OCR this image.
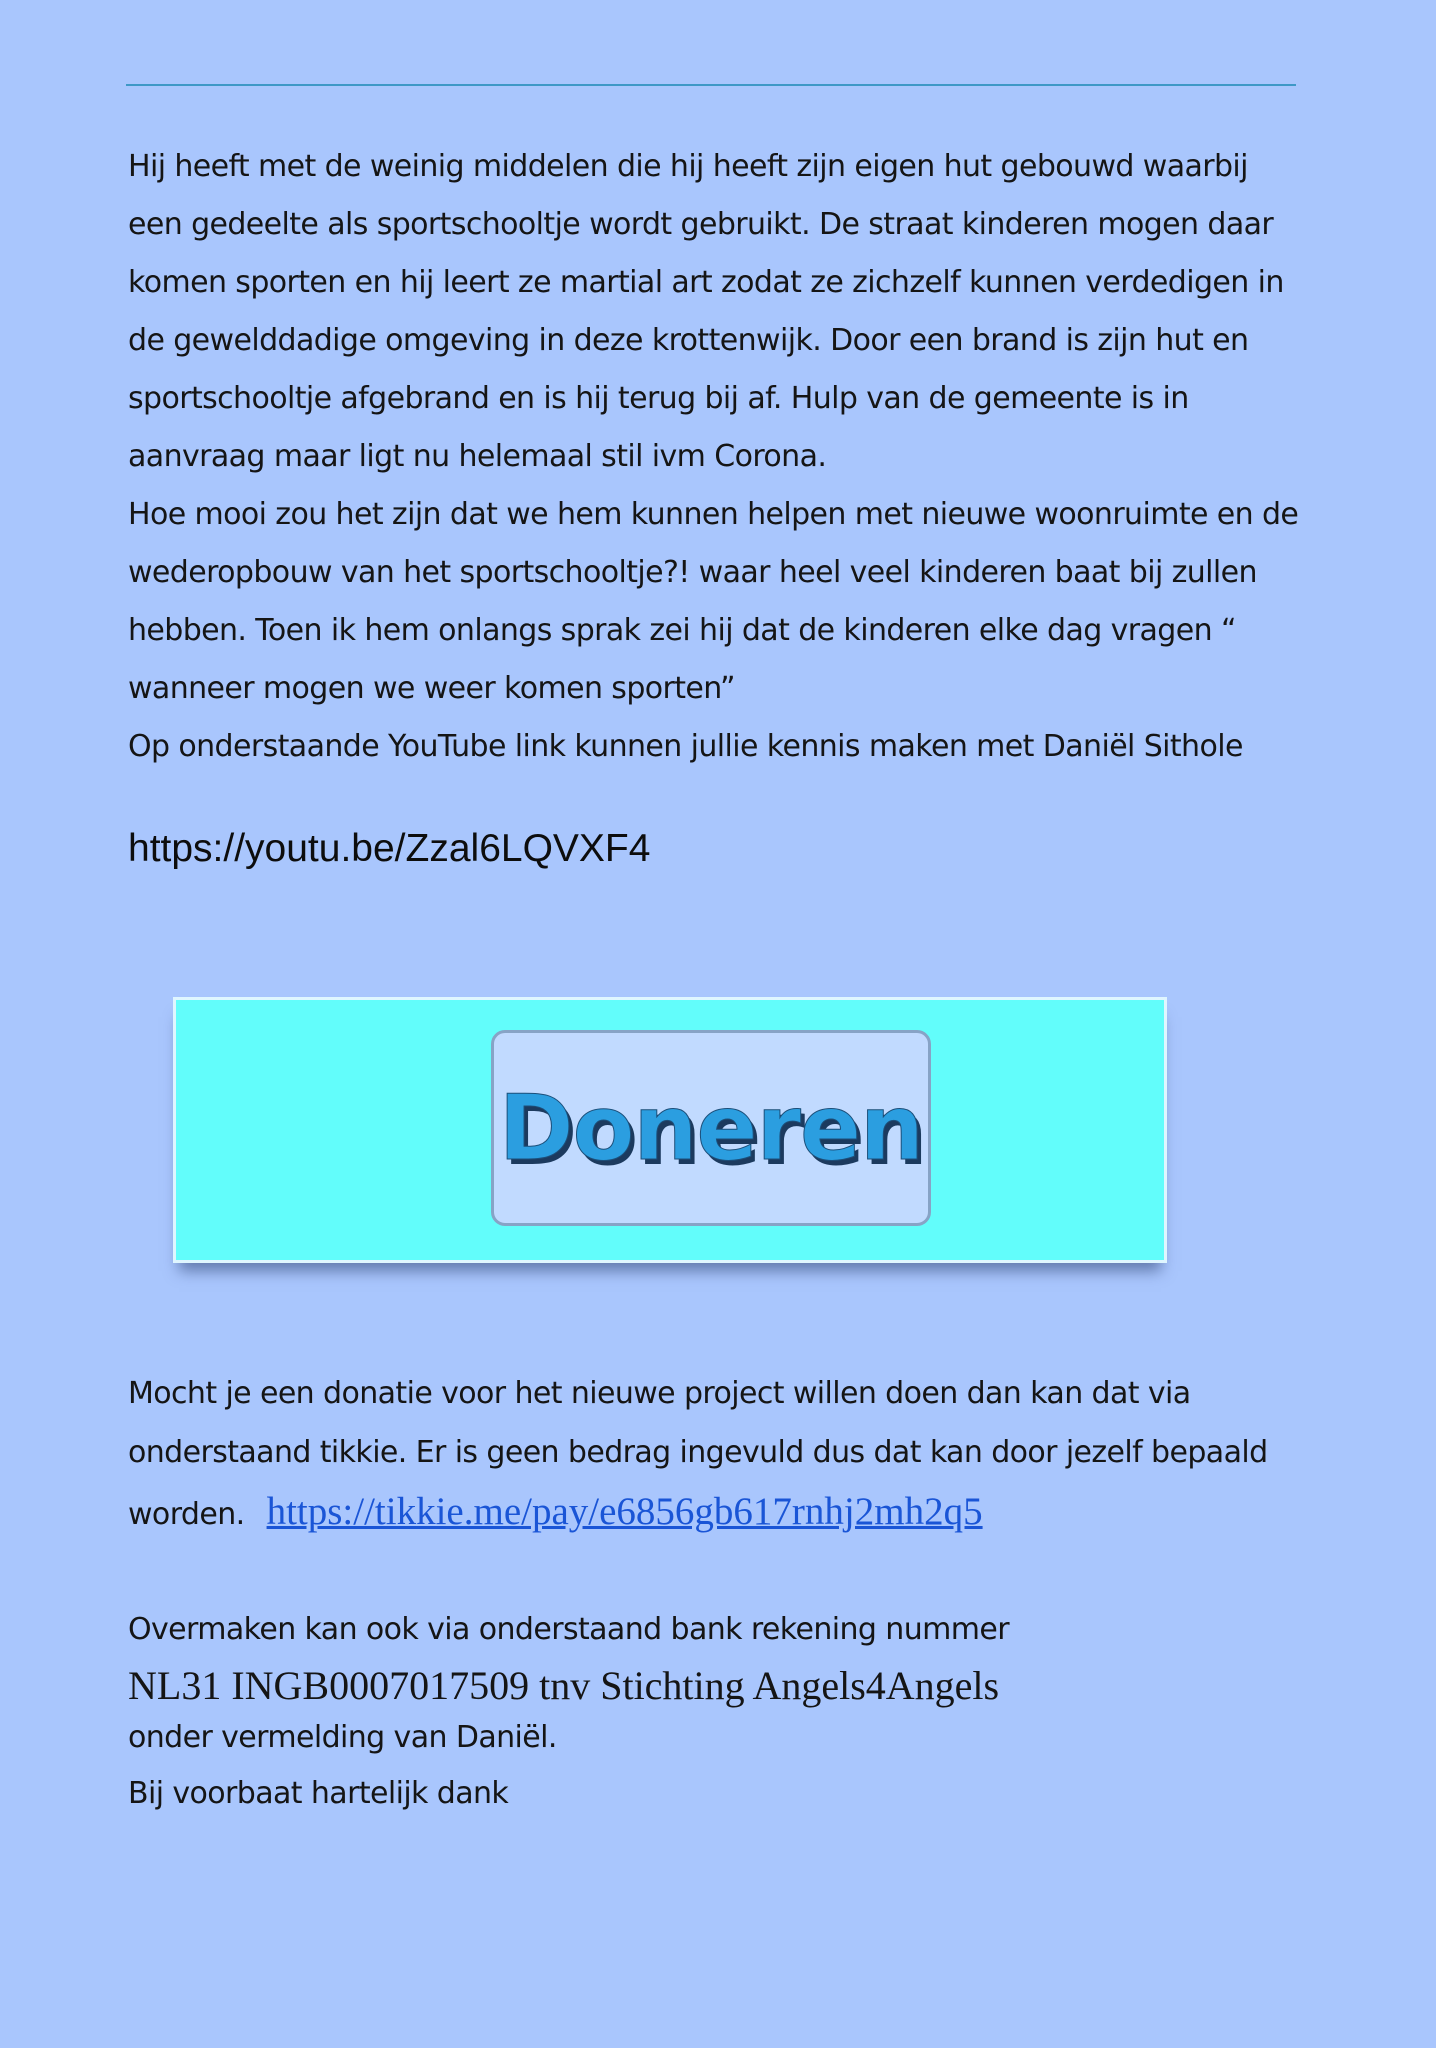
Hij heeft met de weinig middelen die hij heeft zijn eigen hut gebouwd waarbij een gedeelte als sportschooltje wordt gebruikt. De straat kinderen mogen daar komen sporten en hij leert ze martial art zodat ze zichzelf kunnen verdedigen in de gewelddadige omgeving in deze krottenwijk. Door een brand is zijn hut en sportschooltje afgebrand en is hij terug bij af. Hulp van de gemeente is in aanvraag maar ligt nu helemaal stil ivm Corona.

Hoe mooi zou het zijn dat we hem kunnen helpen met nieuwe woonruimte en de wederopbouw van het sportschooltje?! waar heel veel kinderen baat bij zullen hebben. Toen ik hem onlangs sprak zei hij dat de kinderen elke dag vragen “ wanneer mogen we weer komen sporten”

Op onderstaande YouTube link kunnen jullie kennis maken met Daniël Sithole

https://youtu.be/Zzal6LQVXF4
Doneren

Mocht je een donatie voor het nieuwe project willen doen dan kan dat via onderstaand tikkie. Er is geen bedrag ingevuld dus dat kan door jezelf bepaald worden. https://tikkie.me/pay/e6856gb617rnhj2mh2q5

Overmaken kan ook via onderstaand bank rekening nummer
NL31 INGB0007017509 tnv Stichting Angels4Angels
onder vermelding van Daniël.
Bij voorbaat hartelijk dank
